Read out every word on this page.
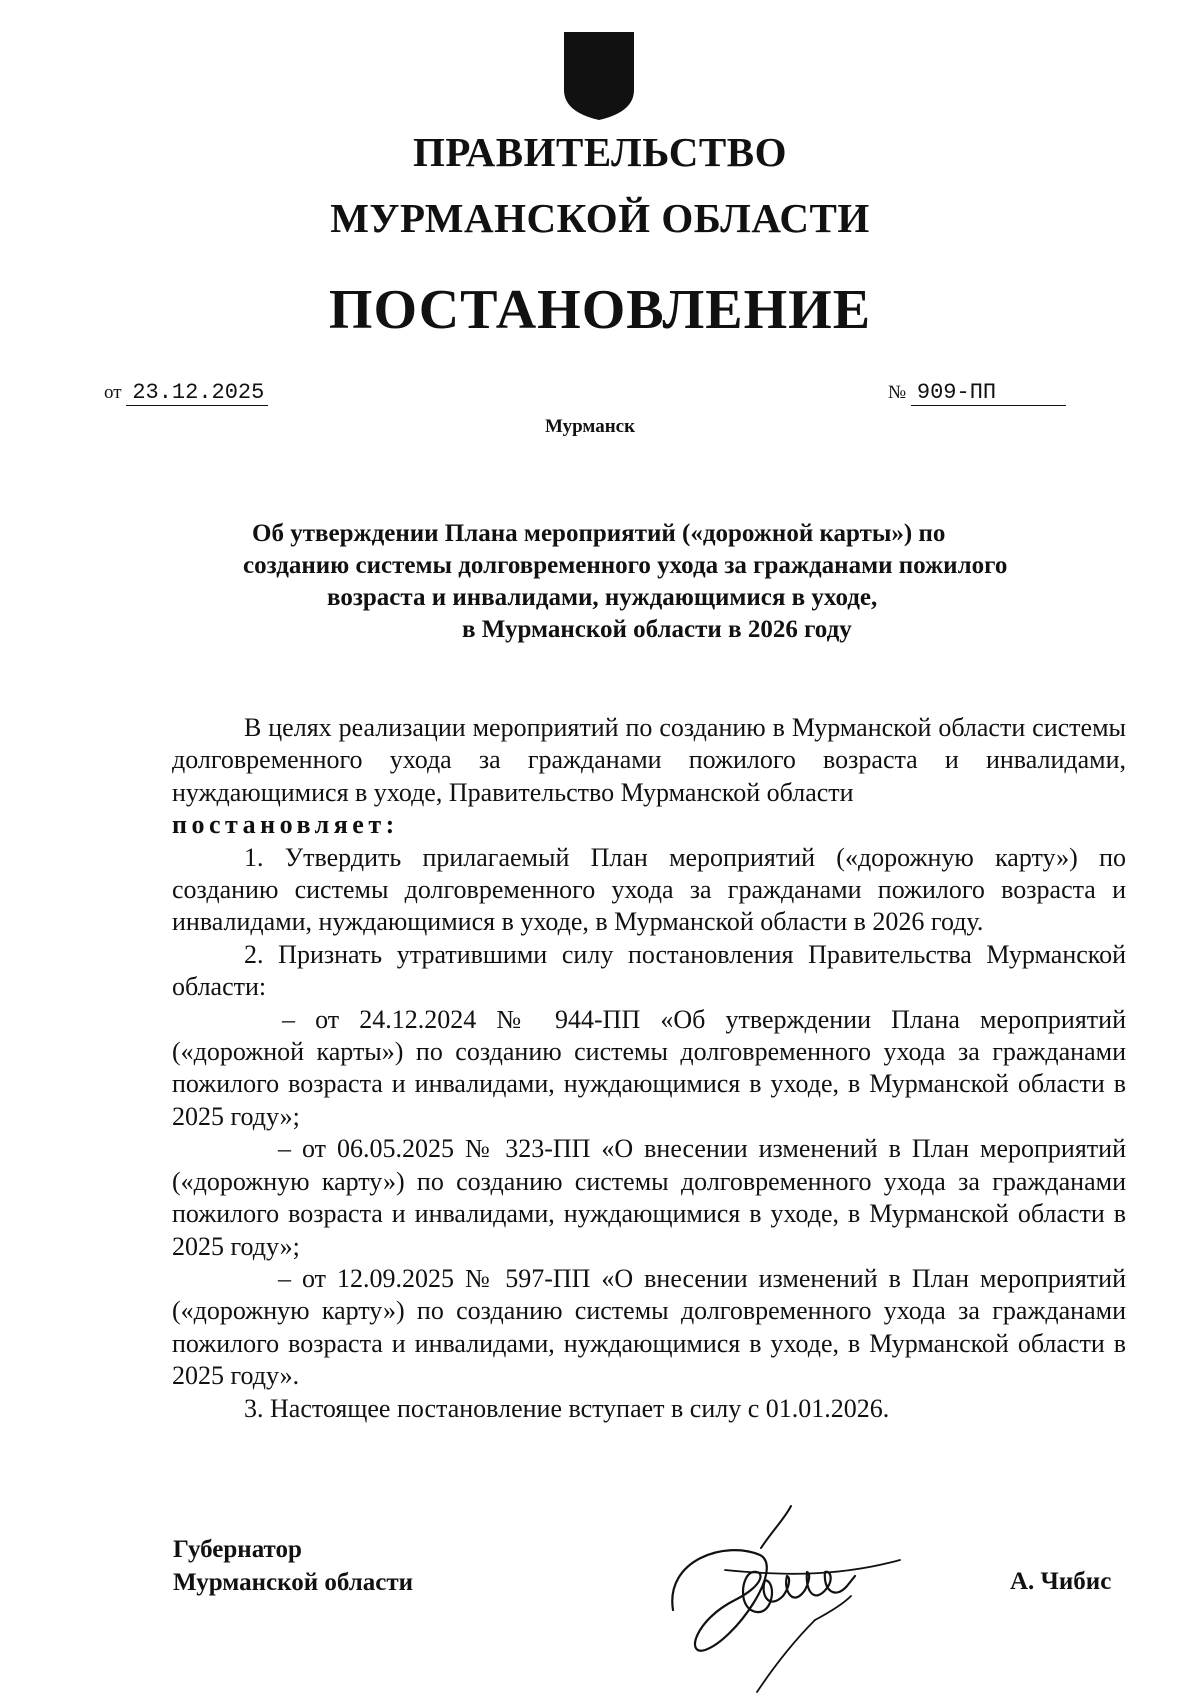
ПРАВИТЕЛЬСТВО
МУРМАНСКОЙ ОБЛАСТИ
ПОСТАНОВЛЕНИЕ
от 23.12.2025	№ 909-ПП
Мурманск
Об утверждении Плана мероприятий («дорожной карты») по
созданию системы долговременного ухода за гражданами пожилого
возраста и инвалидами, нуждающимися в уходе,
в Мурманской области в 2026 году

В целях реализации мероприятий по созданию в Мурманской области системы долговременного ухода за гражданами пожилого возраста и инвалидами, нуждающимися в уходе, Правительство Мурманской области

постановляет:

1. Утвердить прилагаемый План мероприятий («дорожную карту») по созданию системы долговременного ухода за гражданами пожилого возраста и инвалидами, нуждающимися в уходе, в Мурманской области в 2026 году.

2. Признать утратившими силу постановления Правительства Мурманской области:

– от 24.12.2024 № 944-ПП «Об утверждении Плана мероприятий («дорожной карты») по созданию системы долговременного ухода за гражданами пожилого возраста и инвалидами, нуждающимися в уходе, в Мурманской области в 2025 году»;

– от 06.05.2025 № 323-ПП «О внесении изменений в План мероприятий («дорожную карту») по созданию системы долговременного ухода за гражданами пожилого возраста и инвалидами, нуждающимися в уходе, в Мурманской области в 2025 году»;

– от 12.09.2025 № 597-ПП «О внесении изменений в План мероприятий («дорожную карту») по созданию системы долговременного ухода за гражданами пожилого возраста и инвалидами, нуждающимися в уходе, в Мурманской области в 2025 году».

3. Настоящее постановление вступает в силу с 01.01.2026.

Губернатор
Мурманской области	А. Чибис
